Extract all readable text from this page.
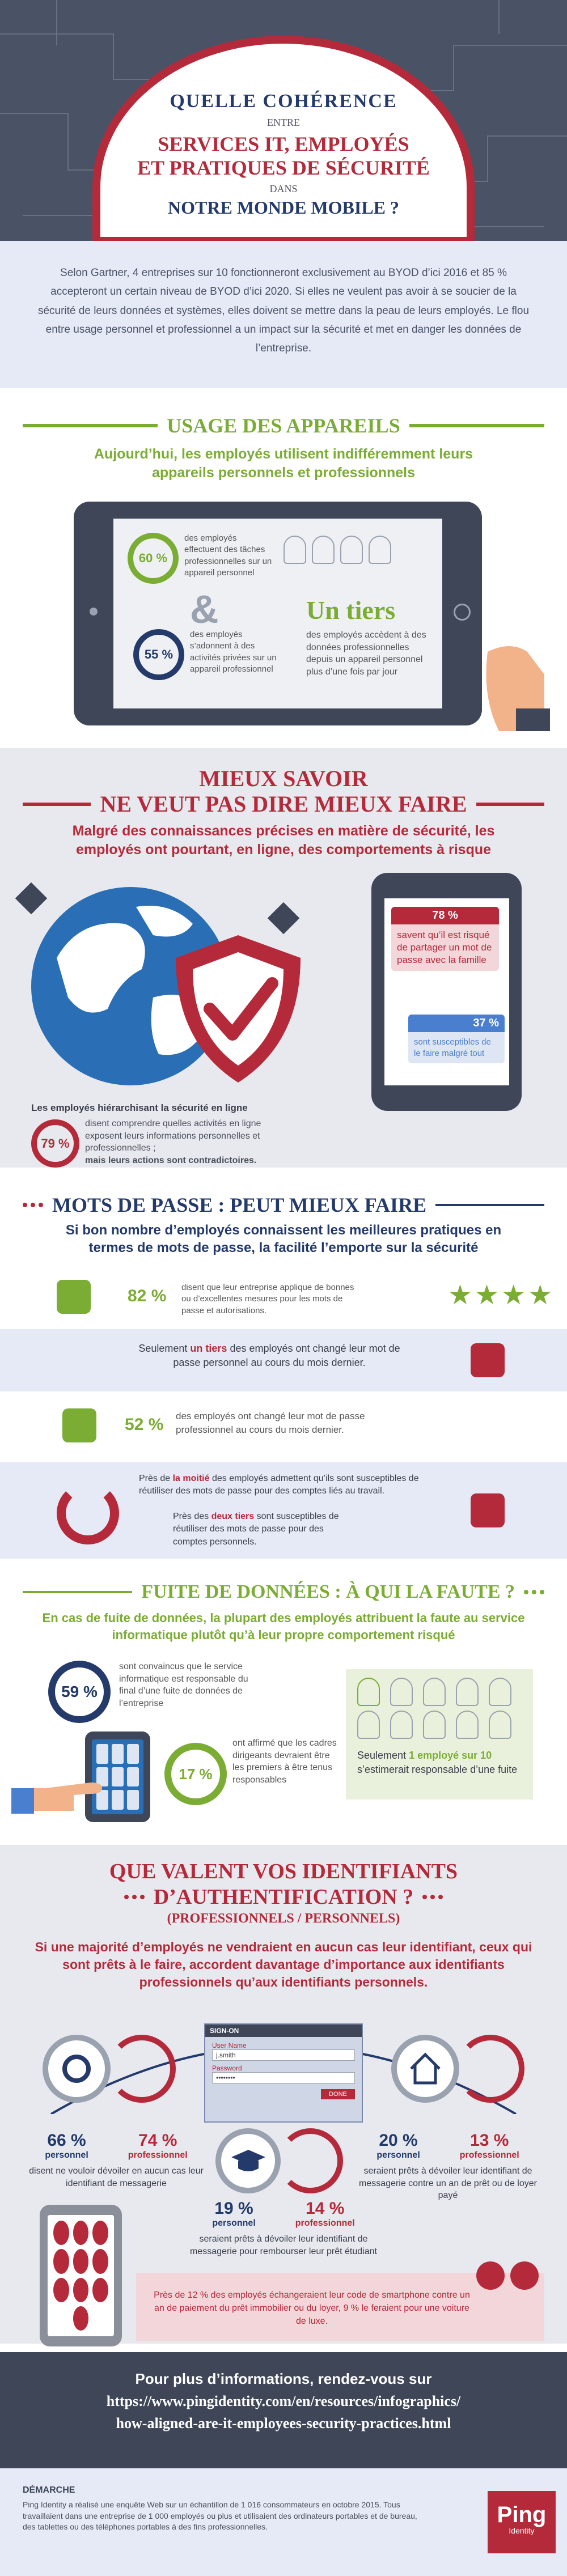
QUELLE COHÉRENCE
ENTRE
SERVICES IT, EMPLOYÉS
ET PRATIQUES DE SÉCURITÉ
DANS
NOTRE MONDE MOBILE ?

Selon Gartner, 4 entreprises sur 10 fonctionneront exclusivement au BYOD d’ici 2016 et 85 % accepteront un certain niveau de BYOD d’ici 2020. Si elles ne veulent pas avoir à se soucier de la sécurité de leurs données et systèmes, elles doivent se mettre dans la peau de leurs employés. Le flou entre usage personnel et professionnel a un impact sur la sécurité et met en danger les données de l’entreprise.

USAGE DES APPAREILS
Aujourd’hui, les employés utilisent indifféremment leurs appareils personnels et professionnels
60 %
des employés effectuent des tâches professionnelles sur un appareil personnel
&
55 %
des employés s’adonnent à des activités privées sur un appareil professionnel
Un tiers
des employés accèdent à des données professionnelles depuis un appareil personnel plus d’une fois par jour
MIEUX SAVOIR
NE VEUT PAS DIRE MIEUX FAIRE
Malgré des connaissances précises en matière de sécurité, les employés ont pourtant, en ligne, des comportements à risque
78 %
savent qu’il est risqué de partager un mot de passe avec la famille
37 %
sont susceptibles de le faire malgré tout
Les employés hiérarchisant la sécurité en ligne
79 %
disent comprendre quelles activités en ligne exposent leurs informations personnelles et professionnelles ;
mais leurs actions sont contradictoires.
MOTS DE PASSE : PEUT MIEUX FAIRE
Si bon nombre d’employés connaissent les meilleures pratiques en termes de mots de passe, la facilité l’emporte sur la sécurité
82 % disent que leur entreprise applique de bonnes ou d’excellentes mesures pour les mots de passe et autorisations.	★★★★
Seulement un tiers des employés ont changé leur mot de passe personnel au cours du mois dernier.
52 % des employés ont changé leur mot de passe professionnel au cours du mois dernier.
Près de la moitié des employés admettent qu’ils sont susceptibles de réutiliser des mots de passe pour des comptes liés au travail.
Près des deux tiers sont susceptibles de réutiliser des mots de passe pour des comptes personnels.
FUITE DE DONNÉES : À QUI LA FAUTE ?
En cas de fuite de données, la plupart des employés attribuent la faute au service informatique plutôt qu’à leur propre comportement risqué
59 %
sont convaincus que le service informatique est responsable du final d’une fuite de données de l’entreprise
17 %
ont affirmé que les cadres dirigeants devraient être les premiers à être tenus responsables
Seulement 1 employé sur 10 s’estimerait responsable d’une fuite
QUE VALENT VOS IDENTIFIANTS
D’AUTHENTIFICATION ?
(PROFESSIONNELS / PERSONNELS)
Si une majorité d’employés ne vendraient en aucun cas leur identifiant, ceux qui sont prêts à le faire, accordent davantage d’importance aux identifiants professionnels qu’aux identifiants personnels.
SIGN-ON
User Name
j.smith
Password
••••••••
DONE
66 %
personnel
74 %
professionnel
disent ne vouloir dévoiler en aucun cas leur identifiant de messagerie
20 %
personnel
13 %
professionnel
seraient prêts à dévoiler leur identifiant de messagerie contre un an de prêt ou de loyer payé
19 %
personnel
14 %
professionnel
seraient prêts à dévoiler leur identifiant de messagerie pour rembourser leur prêt étudiant
Près de 12 % des employés échangeraient leur code de smartphone contre un an de paiement du prêt immobilier ou du loyer, 9 % le feraient pour une voiture de luxe.
Pour plus d’informations, rendez-vous sur
https://www.pingidentity.com/en/resources/infographics/
how-aligned-are-it-employees-security-practices.html
DÉMARCHE
Ping Identity a réalisé une enquête Web sur un échantillon de 1 016 consommateurs en octobre 2015. Tous travaillaient dans une entreprise de 1 000 employés ou plus et utilisaient des ordinateurs portables et de bureau, des tablettes ou des téléphones portables à des fins professionnelles.	Ping
Identity
